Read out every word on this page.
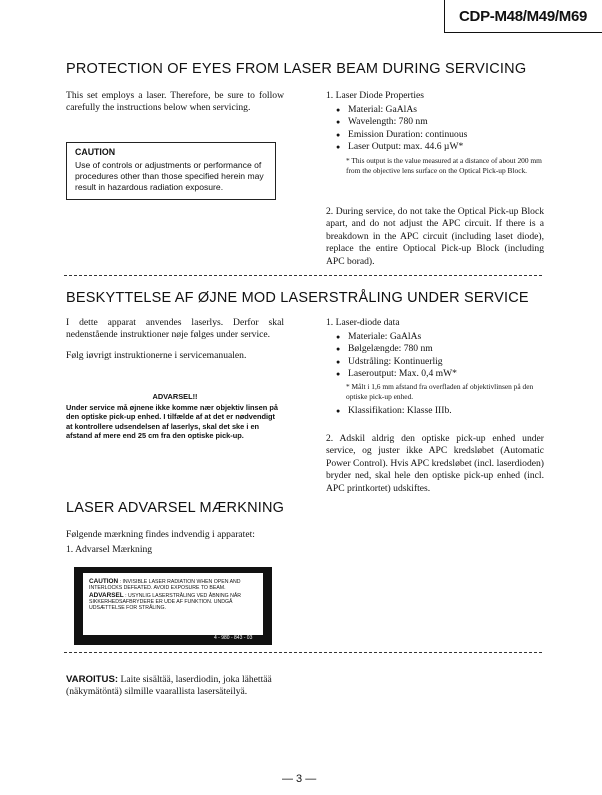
CDP-M48/M49/M69
PROTECTION OF EYES FROM LASER BEAM DURING SERVICING
This set employs a laser. Therefore, be sure to follow carefully the instructions below when servicing.
CAUTION
Use of controls or adjustments or performance of procedures other than those specified herein may result in hazardous radiation exposure.
1. Laser Diode Properties
● Material: GaAlAs
● Wavelength: 780 nm
● Emission Duration: continuous
● Laser Output: max. 44.6 µW*
* This output is the value measured at a distance of about 200 mm from the objective lens surface on the Optical Pick-up Block.
2. During service, do not take the Optical Pick-up Block apart, and do not adjust the APC circuit. If there is a breakdown in the APC circuit (including laset diode), replace the entire Optiocal Pick-up Block (including APC borad).
BESKYTTELSE AF ØJNE MOD LASERSTRÅLING UNDER SERVICE
I dette apparat anvendes laserlys. Derfor skal nedenstående instruktioner nøje følges under service.
Følg iøvrigt instruktionerne i servicemanualen.
ADVARSEL!!
Under service må øjnene ikke komme nær objektiv linsen på den optiske pick-up enhed. I tilfælde af at det er nødvendigt at kontrollere udsendelsen af laserlys, skal det ske i en afstand af mere end 25 cm fra den optiske pick-up.
1. Laser-diode data
● Materiale: GaAlAs
● Bølgelængde: 780 nm
● Udstråling: Kontinuerlig
● Laseroutput: Max. 0,4 mW*
* Målt i 1,6 mm afstand fra overfladen af objektivlinsen på den optiske pick-up enhed.
● Klassifikation: Klasse IIIb.
2. Adskil aldrig den optiske pick-up enhed under service, og juster ikke APC kredsløbet (Automatic Power Control). Hvis APC kredsløbet (incl. laserdioden) bryder ned, skal hele den optiske pick-up enhed (incl. APC printkortet) udskiftes.
LASER ADVARSEL MÆRKNING
Følgende mærkning findes indvendig i apparatet:
1. Advarsel Mærkning
CAUTION : INVISIBLE LASER RADIATION WHEN OPEN AND INTERLOCKS DEFEATED. AVOID EXPOSURE TO BEAM.
ADVARSEL : USYNLIG LASERSTRÅLING VED ÅBNING NÅR SIKKERHEDSAFBRYDERE ER UDE AF FUNKTION. UNDGÅ UDSÆTTELSE FOR STRÅLING.
4 - 980 - 843 - 03
VAROITUS: Laite sisältää, laserdiodin, joka lähettää (näkymätöntä) silmille vaarallista lasersäteilyä.
— 3 —
